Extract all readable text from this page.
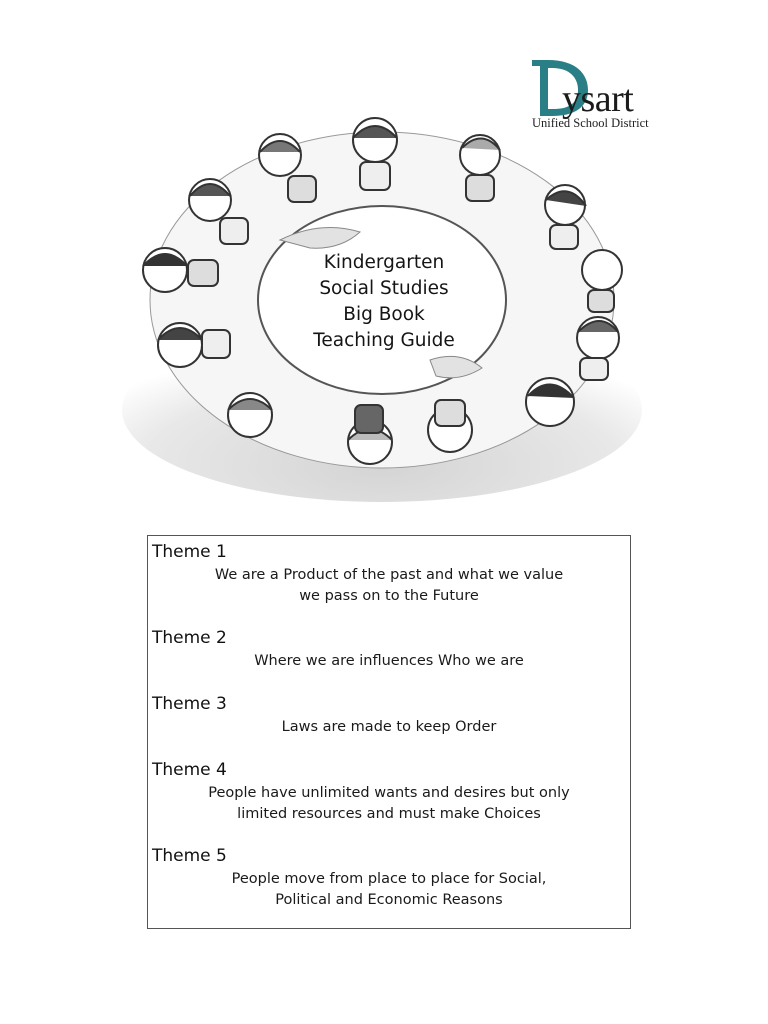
ysart
Unified School District
Kindergarten
Social Studies
Big Book
Teaching Guide
Theme 1
We are a Product of the past and what we value
we pass on to the Future
Theme 2
Where we are influences Who we are
Theme 3
Laws are made to keep Order
Theme 4
People have unlimited wants and desires but only
limited resources and must make Choices
Theme 5
People move from place to place for Social,
Political and Economic Reasons
